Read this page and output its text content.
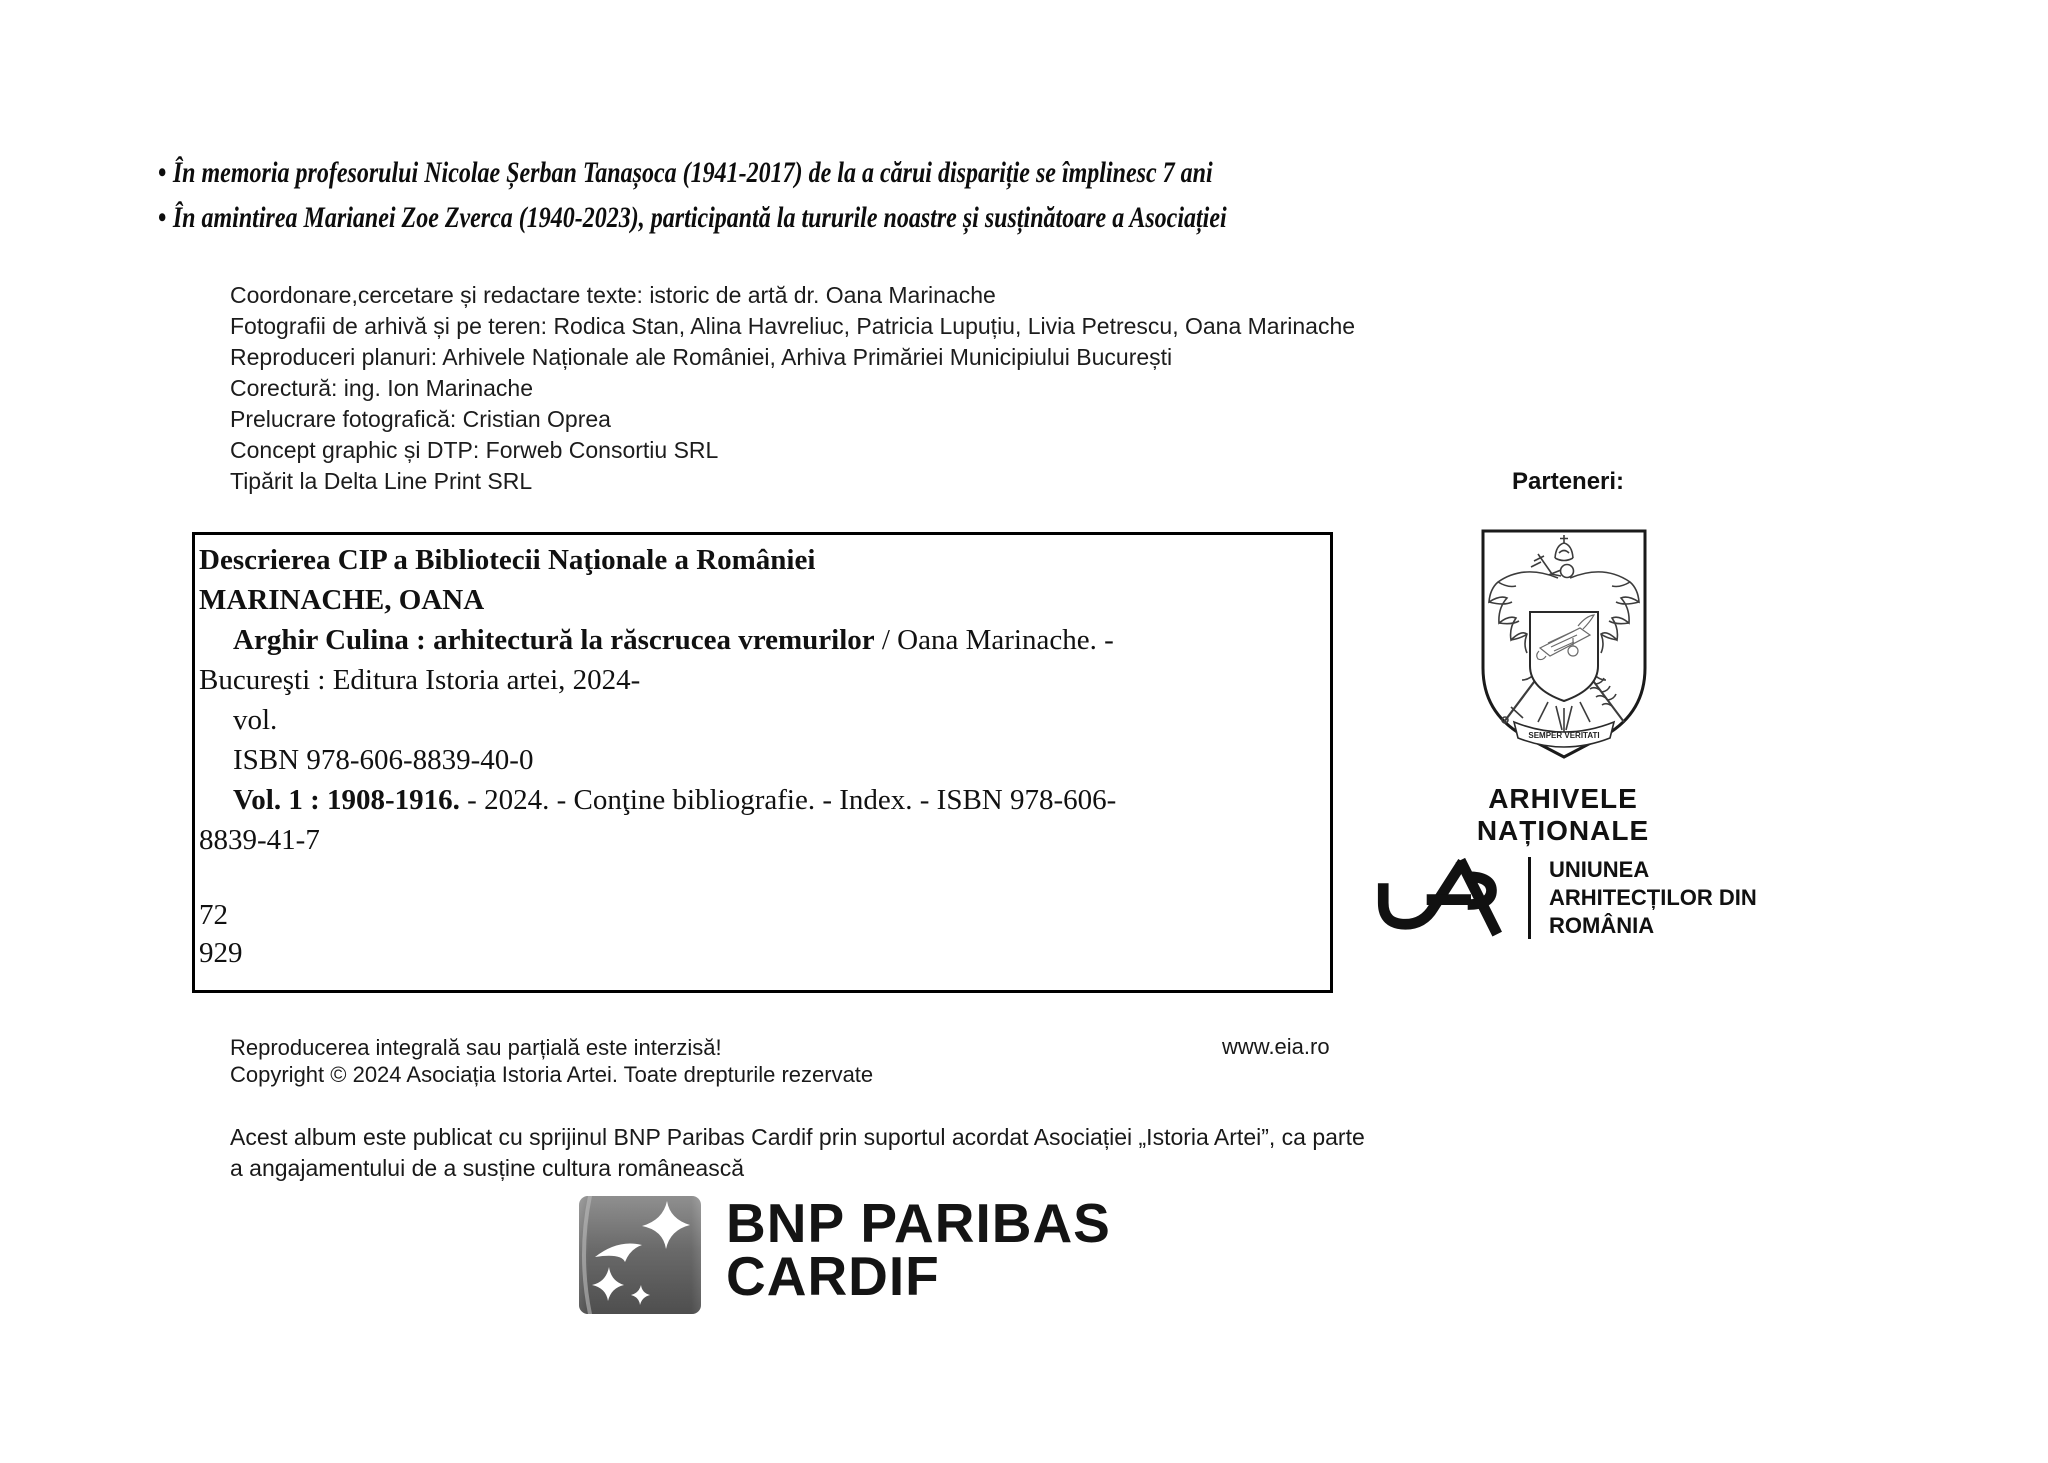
• În memoria profesorului Nicolae Șerban Tanașoca (1941-2017) de la a cărui dispariție se împlinesc 7 ani
• În amintirea Marianei Zoe Zverca (1940-2023), participantă la tururile noastre și susținătoare a Asociației
Coordonare,cercetare și redactare texte: istoric de artă dr. Oana Marinache
Fotografii de arhivă și pe teren: Rodica Stan, Alina Havreliuc, Patricia Lupuțiu, Livia Petrescu, Oana Marinache
Reproduceri planuri: Arhivele Naționale ale României, Arhiva Primăriei Municipiului București
Corectură: ing. Ion Marinache
Prelucrare fotografică: Cristian Oprea
Concept graphic și DTP: Forweb Consortiu SRL
Tipărit la Delta Line Print SRL
Descrierea CIP a Bibliotecii Naţionale a României
MARINACHE, OANA
Arghir Culina : arhitectură la răscrucea vremurilor / Oana Marinache. -
Bucureşti : Editura Istoria artei, 2024-
vol.
ISBN 978-606-8839-40-0
Vol. 1 : 1908-1916. - 2024. - Conţine bibliografie. - Index. - ISBN 978-606-
8839-41-7
72
929
Parteneri:
SEMPER VERITATI
ARHIVELE
NAȚIONALE
UNIUNEA
ARHITECȚILOR DIN
ROMÂNIA
Reproducerea integrală sau parțială este interzisă!
Copyright © 2024 Asociația Istoria Artei. Toate drepturile rezervate
www.eia.ro
Acest album este publicat cu sprijinul BNP Paribas Cardif prin suportul acordat Asociației „Istoria Artei”, ca parte
a angajamentului de a susține cultura românească
BNP PARIBAS
CARDIF
